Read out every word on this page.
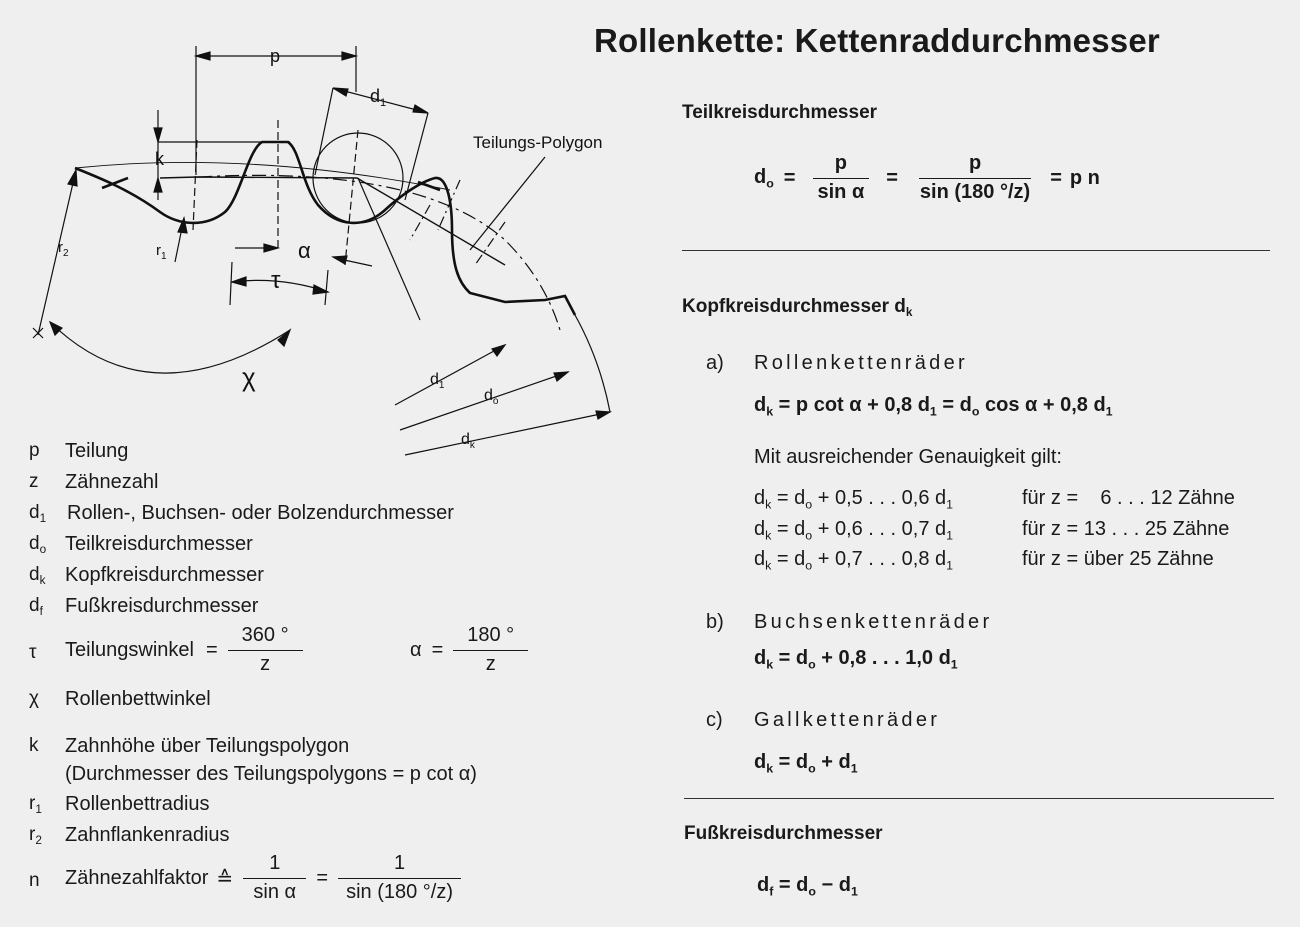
Rollenkette: Kettenraddurchmesser
p
$d_1$
k
Teilungs-Polygon
$r_2$	$r_1$	α
τ
χ	$d_1$
$d_o$
$d_k$
p Teilung
z Zähnezahl
$d_1$ Rollen-, Buchsen- oder Bolzendurchmesser
$d_o$ Teilkreisdurchmesser
$d_k$ Kopfkreisdurchmesser
$d_f$ Fußkreisdurchmesser
τ Teilungswinkel = $\frac{360 ^\circ}{z}$	$\alpha = \frac{180 ^\circ}{z}$
χ Rollenbettwinkel
k Zahnhöhe über Teilungspolygon
(Durchmesser des Teilungspolygons = p cot α)
$r_1$ Rollenbettradius
$r_2$ Zahnflankenradius
n Zähnezahlfaktor ≙ $\frac{1}{\text{sin α}} = \frac{1}{\sin (180 ^\circ/z)}$
Teilkreisdurchmesser
$d_o = \frac{p}{\text{sin α}} = \frac{p}{\sin (180 ^\circ/z)} = p$ n
Kopfkreisdurchmesser $d_k$
a) Rollenkettenräder
$d_k = p$ cot α + 0,8 $d_1 = d_o$ cos α + 0,8 $d_1$
Mit ausreichender Genauigkeit gilt:
$d_k = d_o + 0,5$ . . . 0,6 $d_1$	für z =    6 . . . 12 Zähne
$d_k = d_o + 0,6$ . . . 0,7 $d_1$	für z = 13 . . . 25 Zähne
$d_k = d_o + 0,7$ . . . 0,8 $d_1$	für z = über 25 Zähne
b) Buchsenkettenräder
$d_k = d_o + 0,8$ . . . 1,0 $d_1$
c) Gallkettenräder
$d_k = d_o + d_1$
Fußkreisdurchmesser
$d_f = d_o - d_1$
